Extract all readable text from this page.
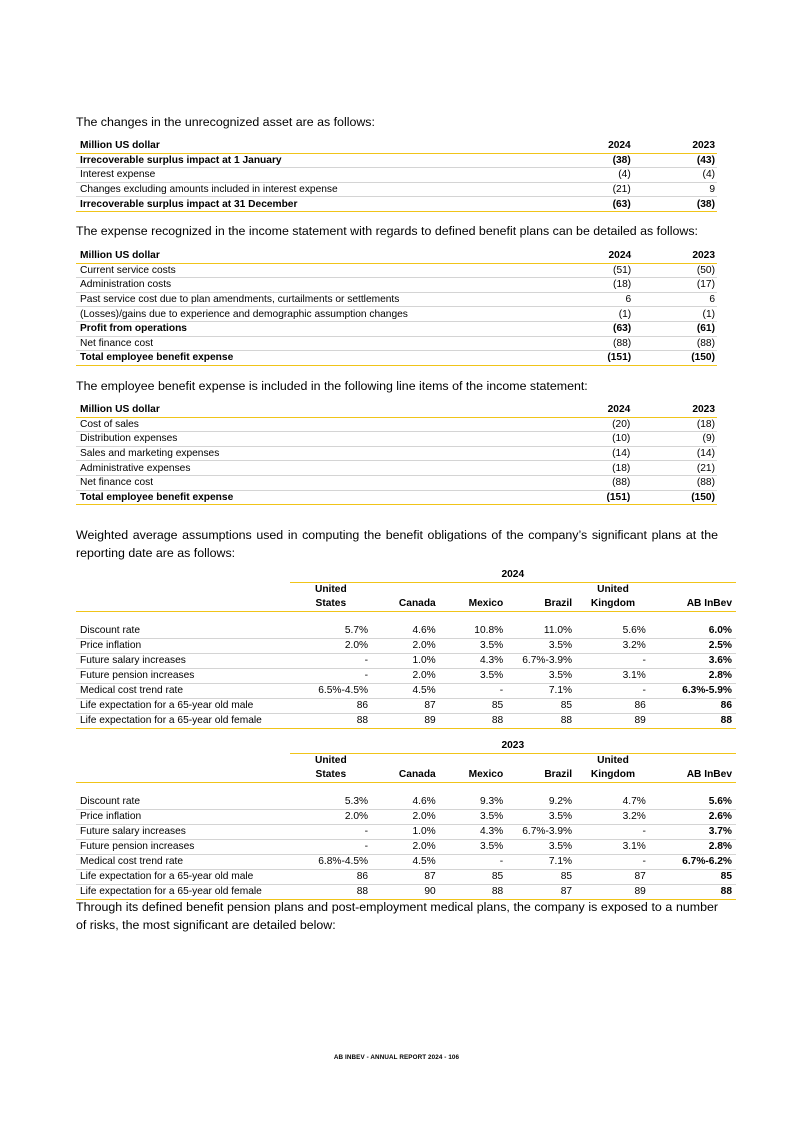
The changes in the unrecognized asset are as follows:

Million US dollar	2024	2023
Irrecoverable surplus impact at 1 January	(38)	(43)
Interest expense	(4)	(4)
Changes excluding amounts included in interest expense	(21)	9
Irrecoverable surplus impact at 31 December	(63)	(38)

The expense recognized in the income statement with regards to defined benefit plans can be detailed as follows:

Million US dollar	2024	2023
Current service costs	(51)	(50)
Administration costs	(18)	(17)
Past service cost due to plan amendments, curtailments or settlements	6	6
(Losses)/gains due to experience and demographic assumption changes	(1)	(1)
Profit from operations	(63)	(61)
Net finance cost	(88)	(88)
Total employee benefit expense	(151)	(150)

The employee benefit expense is included in the following line items of the income statement:

Million US dollar	2024	2023
Cost of sales	(20)	(18)
Distribution expenses	(10)	(9)
Sales and marketing expenses	(14)	(14)
Administrative expenses	(18)	(21)
Net finance cost	(88)	(88)
Total employee benefit expense	(151)	(150)

Weighted average assumptions used in computing the benefit obligations of the company’s significant plans at the reporting date are as follows:

	2024					
	United				United	
	States	Canada	Mexico	Brazil	Kingdom	AB InBev

Discount rate	5.7%	4.6%	10.8%	11.0%	5.6%	6.0%
Price inflation	2.0%	2.0%	3.5%	3.5%	3.2%	2.5%
Future salary increases	-	1.0%	4.3%	6.7%-3.9%	-	3.6%
Future pension increases	-	2.0%	3.5%	3.5%	3.1%	2.8%
Medical cost trend rate	6.5%-4.5%	4.5%	-	7.1%	-	6.3%-5.9%
Life expectation for a 65-year old male	86	87	85	85	86	86
Life expectation for a 65-year old female	88	89	88	88	89	88
	2023					
	United				United	
	States	Canada	Mexico	Brazil	Kingdom	AB InBev

Discount rate	5.3%	4.6%	9.3%	9.2%	4.7%	5.6%
Price inflation	2.0%	2.0%	3.5%	3.5%	3.2%	2.6%
Future salary increases	-	1.0%	4.3%	6.7%-3.9%	-	3.7%
Future pension increases	-	2.0%	3.5%	3.5%	3.1%	2.8%
Medical cost trend rate	6.8%-4.5%	4.5%	-	7.1%	-	6.7%-6.2%
Life expectation for a 65-year old male	86	87	85	85	87	85
Life expectation for a 65-year old female	88	90	88	87	89	88

Through its defined benefit pension plans and post-employment medical plans, the company is exposed to a number of risks, the most significant are detailed below:

AB INBEV - ANNUAL REPORT 2024 - 106
